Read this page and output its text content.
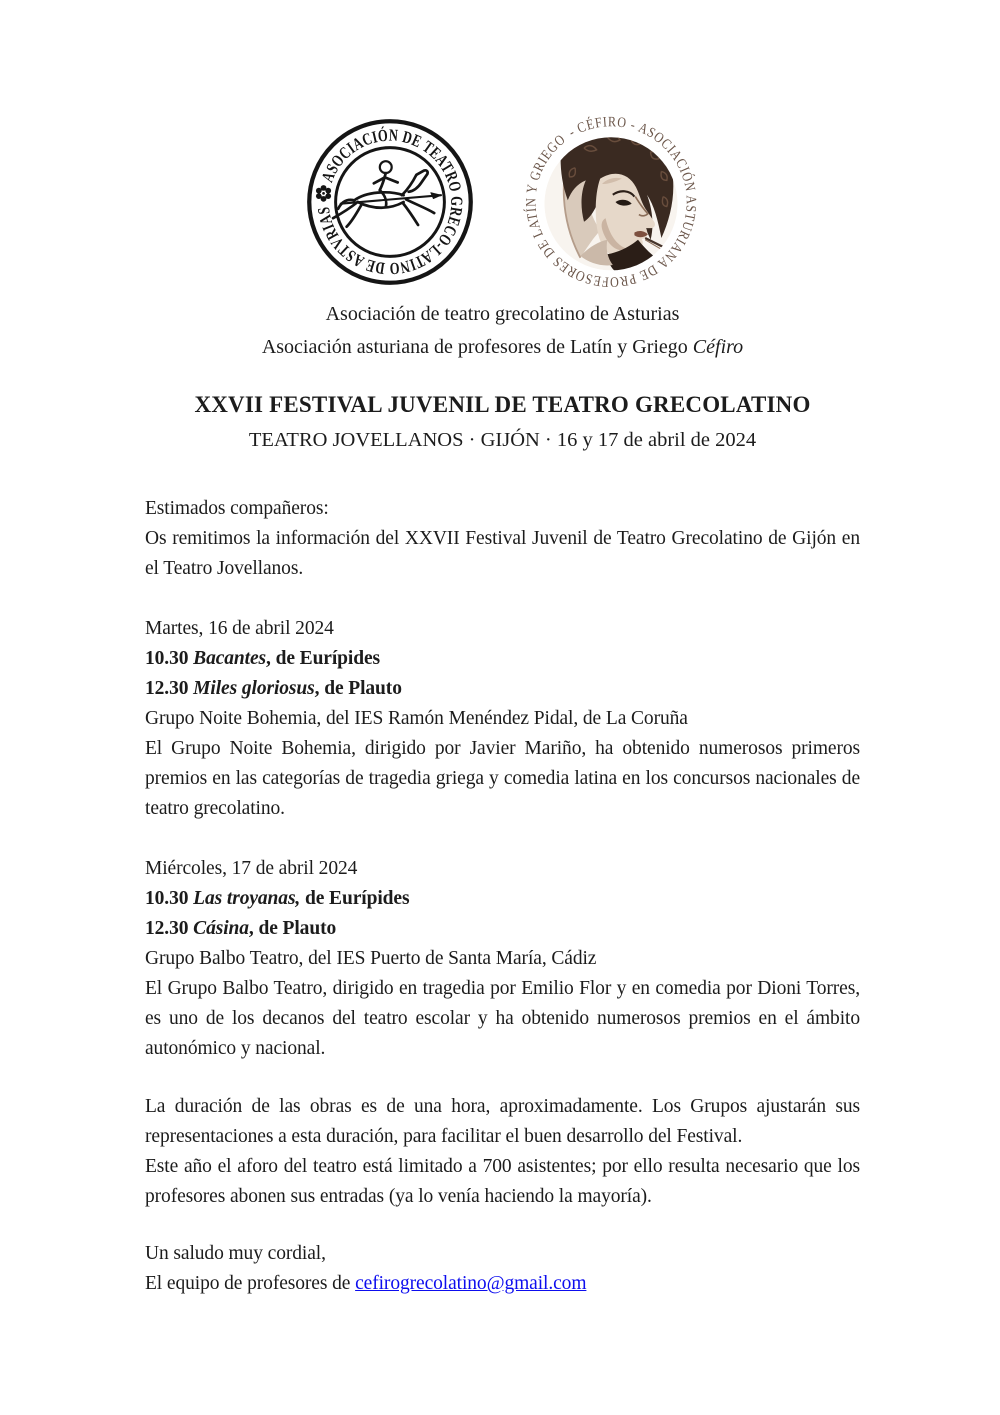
ASOCIACIÓN DE TEATRO GRECO-LATINO DE ASTVRIAS
- CÉFIRO - ASOCIACIÓN ASTURIANA DE PROFESORES DE LATÍN Y GRIEGO
Asociación de teatro grecolatino de Asturias
Asociación asturiana de profesores de Latín y Griego Céfiro

XXVII FESTIVAL JUVENIL DE TEATRO GRECOLATINO

TEATRO JOVELLANOS · GIJÓN · 16 y 17 de abril de 2024

Estimados compañeros:

Os remitimos la información del XXVII Festival Juvenil de Teatro Grecolatino de Gijón en el Teatro Jovellanos.

Martes, 16 de abril 2024

10.30 Bacantes, de Eurípides

12.30 Miles gloriosus, de Plauto

Grupo Noite Bohemia, del IES Ramón Menéndez Pidal, de La Coruña

El Grupo Noite Bohemia, dirigido por Javier Mariño, ha obtenido numerosos primeros premios en las categorías de tragedia griega y comedia latina en los concursos nacionales de teatro grecolatino.

Miércoles, 17 de abril 2024

10.30 Las troyanas, de Eurípides

12.30 Cásina, de Plauto

Grupo Balbo Teatro, del IES Puerto de Santa María, Cádiz

El Grupo Balbo Teatro, dirigido en tragedia por Emilio Flor y en comedia por Dioni Torres, es uno de los decanos del teatro escolar y ha obtenido numerosos premios en el ámbito autonómico y nacional.

La duración de las obras es de una hora, aproximadamente. Los Grupos ajustarán sus representaciones a esta duración, para facilitar el buen desarrollo del Festival.

Este año el aforo del teatro está limitado a 700 asistentes; por ello resulta necesario que los profesores abonen sus entradas (ya lo venía haciendo la mayoría).

Un saludo muy cordial,

El equipo de profesores de cefirogrecolatino@gmail.com
